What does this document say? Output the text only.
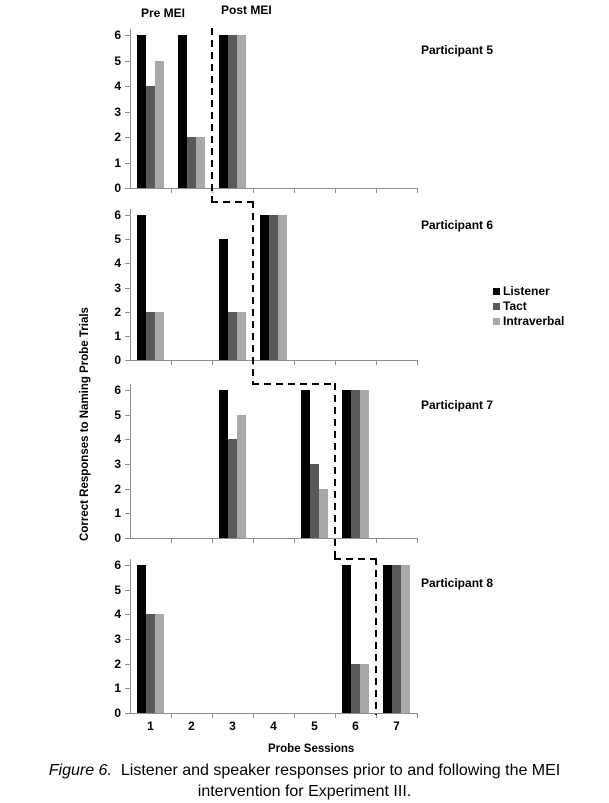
Pre MEI	Post MEI
0
1
2
3
4
5
6
Participant 5
0
1
2
3
4
5
6
Participant 6
0
1
2
3
4
5
6
Participant 7
0
1
2
3
4
5
6
Participant 8
1	2	3	4	5	6	7
Correct Responses to Naming Probe Trials
Probe Sessions
Listener
Tact
Intraverbal
Figure 6. Listener and speaker responses prior to and following the MEI
intervention for Experiment III.
